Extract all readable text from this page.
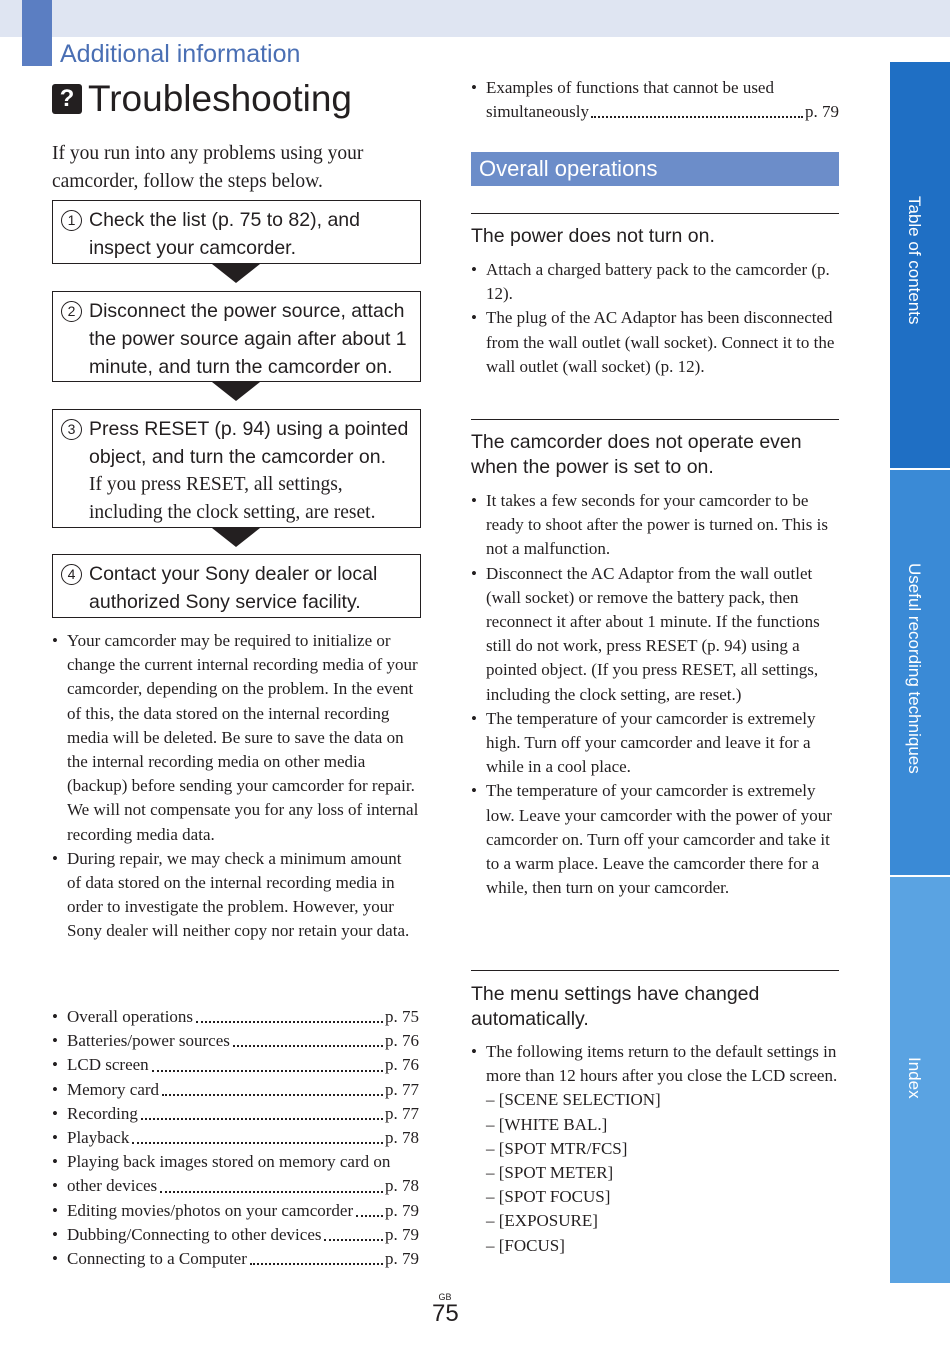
Additional information
? Troubleshooting
If you run into any problems using your camcorder, follow the steps below.
1 Check the list (p. 75 to 82), and inspect your camcorder.
2 Disconnect the power source, attach the power source again after about 1 minute, and turn the camcorder on.
3 Press RESET (p. 94) using a pointed object, and turn the camcorder on.
If you press RESET, all settings, including the clock setting, are reset.
4 Contact your Sony dealer or local authorized Sony service facility.
• Your camcorder may be required to initialize or change the current internal recording media of your camcorder, depending on the problem. In the event of this, the data stored on the internal recording media will be deleted. Be sure to save the data on the internal recording media on other media (backup) before sending your camcorder for repair. We will not compensate you for any loss of internal recording media data.
• During repair, we may check a minimum amount of data stored on the internal recording media in order to investigate the problem. However, your Sony dealer will neither copy nor retain your data.
• Overall operations	p. 75
• Batteries/power sources	p. 76
• LCD screen	p. 76
• Memory card	p. 77
• Recording	p. 77
• Playback	p. 78
• Playing back images stored on memory card on
• other devices	p. 78
• Editing movies/photos on your camcorder p. 79
• Dubbing/Connecting to other devices	p. 79
• Connecting to a Computer	p. 79
• Examples of functions that cannot be used
simultaneously	p. 79
Overall operations
The power does not turn on.
• Attach a charged battery pack to the camcorder (p. 12).
• The plug of the AC Adaptor has been disconnected from the wall outlet (wall socket). Connect it to the wall outlet (wall socket) (p. 12).
The camcorder does not operate even when the power is set to on.
• It takes a few seconds for your camcorder to be ready to shoot after the power is turned on. This is not a malfunction.
• Disconnect the AC Adaptor from the wall outlet (wall socket) or remove the battery pack, then reconnect it after about 1 minute. If the functions still do not work, press RESET (p. 94) using a pointed object. (If you press RESET, all settings, including the clock setting, are reset.)
• The temperature of your camcorder is extremely high. Turn off your camcorder and leave it for a while in a cool place.
• The temperature of your camcorder is extremely low. Leave your camcorder with the power of your camcorder on. Turn off your camcorder and take it to a warm place. Leave the camcorder there for a while, then turn on your camcorder.
The menu settings have changed automatically.
• The following items return to the default settings in more than 12 hours after you close the LCD screen.
– [SCENE SELECTION]
– [WHITE BAL.]
– [SPOT MTR/FCS]
– [SPOT METER]
– [SPOT FOCUS]
– [EXPOSURE]
– [FOCUS]
Table of contents
Useful recording techniques
Index
GB
75
